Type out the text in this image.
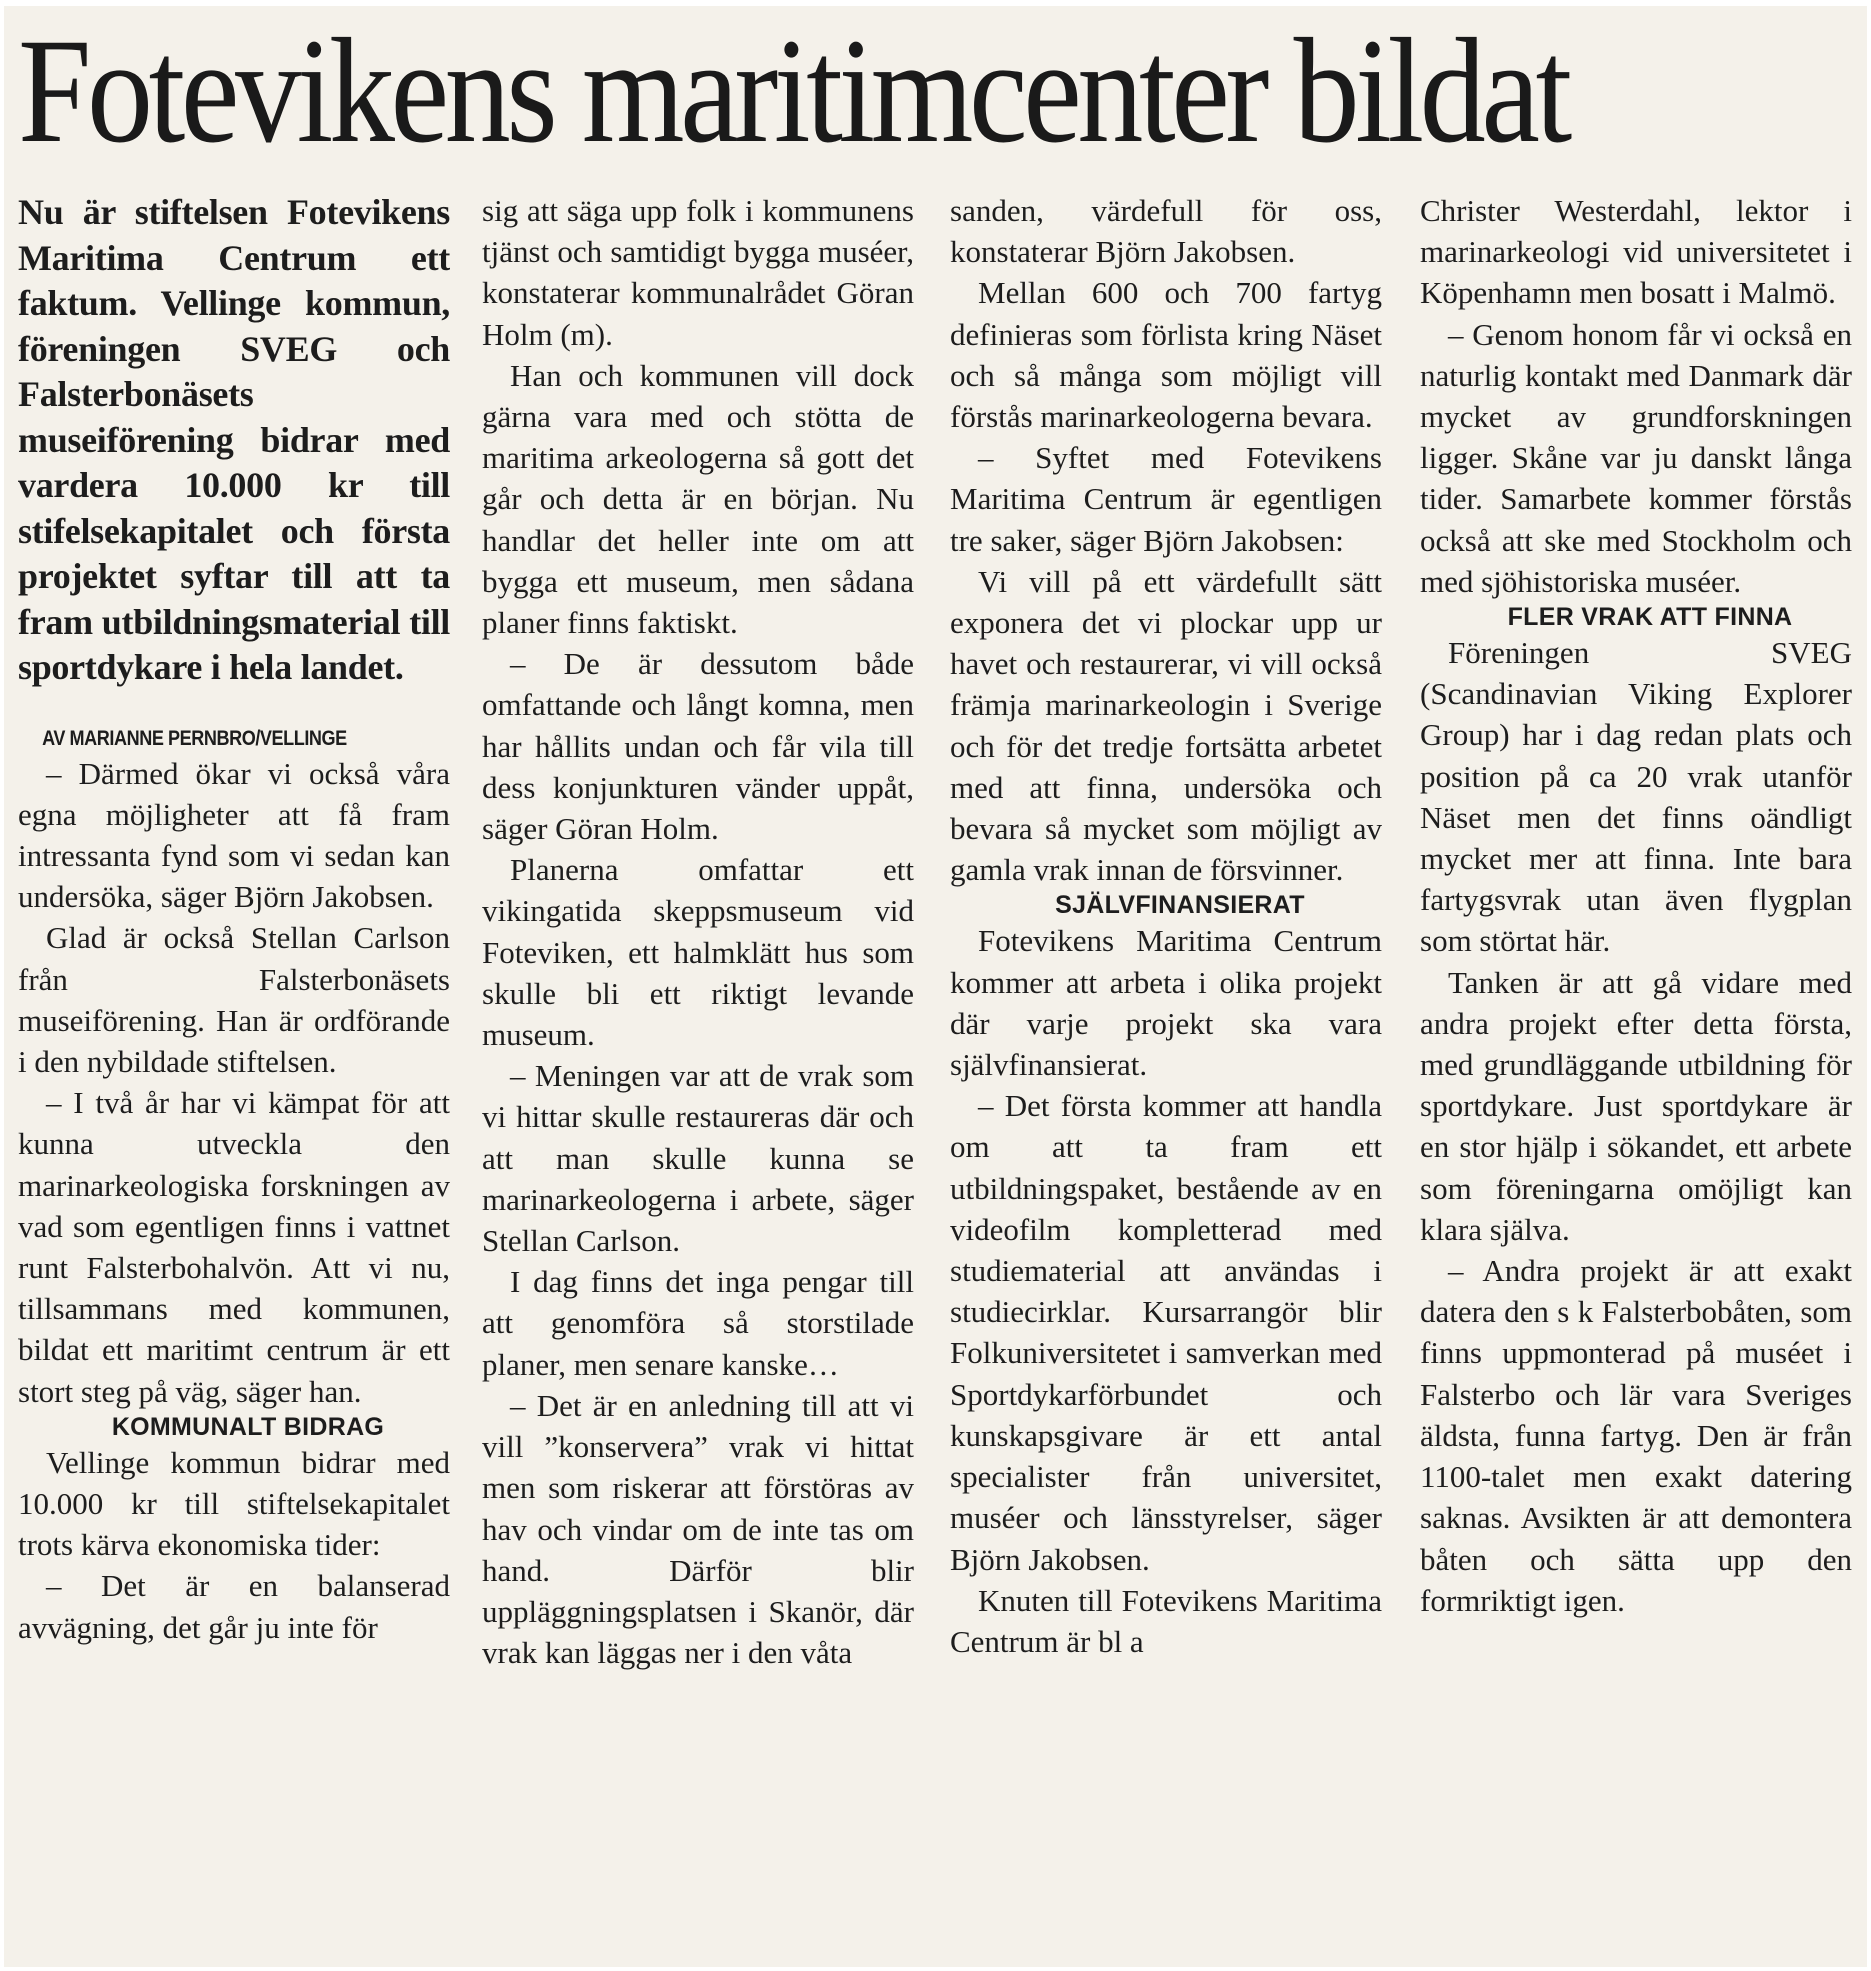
Fotevikens maritimcenter bildat

Nu är stiftelsen Fotevikens Maritima Centrum ett faktum. Vellinge kommun, föreningen SVEG och Falsterbonäsets museiförening bidrar med vardera 10.000 kr till stifelsekapitalet och första projektet syftar till att ta fram utbildningsmaterial till sportdykare i hela landet.

AV MARIANNE PERNBRO/VELLINGE

– Därmed ökar vi också våra egna möjligheter att få fram intressanta fynd som vi sedan kan undersöka, säger Björn Jakobsen.

Glad är också Stellan Carlson från Falsterbonäsets museiförening. Han är ordförande i den nybildade stiftelsen.

– I två år har vi kämpat för att kunna utveckla den marinarkeologiska forskningen av vad som egentligen finns i vattnet runt Falsterbohalvön. Att vi nu, tillsammans med kommunen, bildat ett maritimt centrum är ett stort steg på väg, säger han.

KOMMUNALT BIDRAG

Vellinge kommun bidrar med 10.000 kr till stiftelsekapitalet trots kärva ekonomiska tider:

– Det är en balanserad avvägning, det går ju inte för

sig att säga upp folk i kommunens tjänst och samtidigt bygga muséer, konstaterar kommunalrådet Göran Holm (m).

Han och kommunen vill dock gärna vara med och stötta de maritima arkeologerna så gott det går och detta är en början. Nu handlar det heller inte om att bygga ett museum, men sådana planer finns faktiskt.

– De är dessutom både omfattande och långt komna, men har hållits undan och får vila till dess konjunkturen vänder uppåt, säger Göran Holm.

Planerna omfattar ett vikingatida skeppsmuseum vid Foteviken, ett halmklätt hus som skulle bli ett riktigt levande museum.

– Meningen var att de vrak som vi hittar skulle restaureras där och att man skulle kunna se marinarkeologerna i arbete, säger Stellan Carlson.

I dag finns det inga pengar till att genomföra så storstilade planer, men senare kanske…

– Det är en anledning till att vi vill ”konservera” vrak vi hittat men som riskerar att förstöras av hav och vindar om de inte tas om hand. Därför blir uppläggningsplatsen i Skanör, där vrak kan läggas ner i den våta

sanden, värdefull för oss, konstaterar Björn Jakobsen.

Mellan 600 och 700 fartyg definieras som förlista kring Näset och så många som möjligt vill förstås marinarkeologerna bevara.

– Syftet med Fotevikens Maritima Centrum är egentligen tre saker, säger Björn Jakobsen:

Vi vill på ett värdefullt sätt exponera det vi plockar upp ur havet och restaurerar, vi vill också främja marinarkeologin i Sverige och för det tredje fortsätta arbetet med att finna, undersöka och bevara så mycket som möjligt av gamla vrak innan de försvinner.

SJÄLVFINANSIERAT

Fotevikens Maritima Centrum kommer att arbeta i olika projekt där varje projekt ska vara självfinansierat.

– Det första kommer att handla om att ta fram ett utbildningspaket, bestående av en videofilm kompletterad med studiematerial att användas i studiecirklar. Kursarrangör blir Folkuniversitetet i samverkan med Sportdykarförbundet och kunskapsgivare är ett antal specialister från universitet, muséer och länsstyrelser, säger Björn Jakobsen.

Knuten till Fotevikens Maritima Centrum är bl a

Christer Westerdahl, lektor i marinarkeologi vid universitetet i Köpenhamn men bosatt i Malmö.

– Genom honom får vi också en naturlig kontakt med Danmark där mycket av grundforskningen ligger. Skåne var ju danskt långa tider. Samarbete kommer förstås också att ske med Stockholm och med sjöhistoriska muséer.

FLER VRAK ATT FINNA

Föreningen SVEG (Scandinavian Viking Explorer Group) har i dag redan plats och position på ca 20 vrak utanför Näset men det finns oändligt mycket mer att finna. Inte bara fartygsvrak utan även flygplan som störtat här.

Tanken är att gå vidare med andra projekt efter detta första, med grundläggande utbildning för sportdykare. Just sportdykare är en stor hjälp i sökandet, ett arbete som föreningarna omöjligt kan klara själva.

– Andra projekt är att exakt datera den s k Falsterbobåten, som finns uppmonterad på muséet i Falsterbo och lär vara Sveriges äldsta, funna fartyg. Den är från 1100-talet men exakt datering saknas. Avsikten är att demontera båten och sätta upp den formriktigt igen.
